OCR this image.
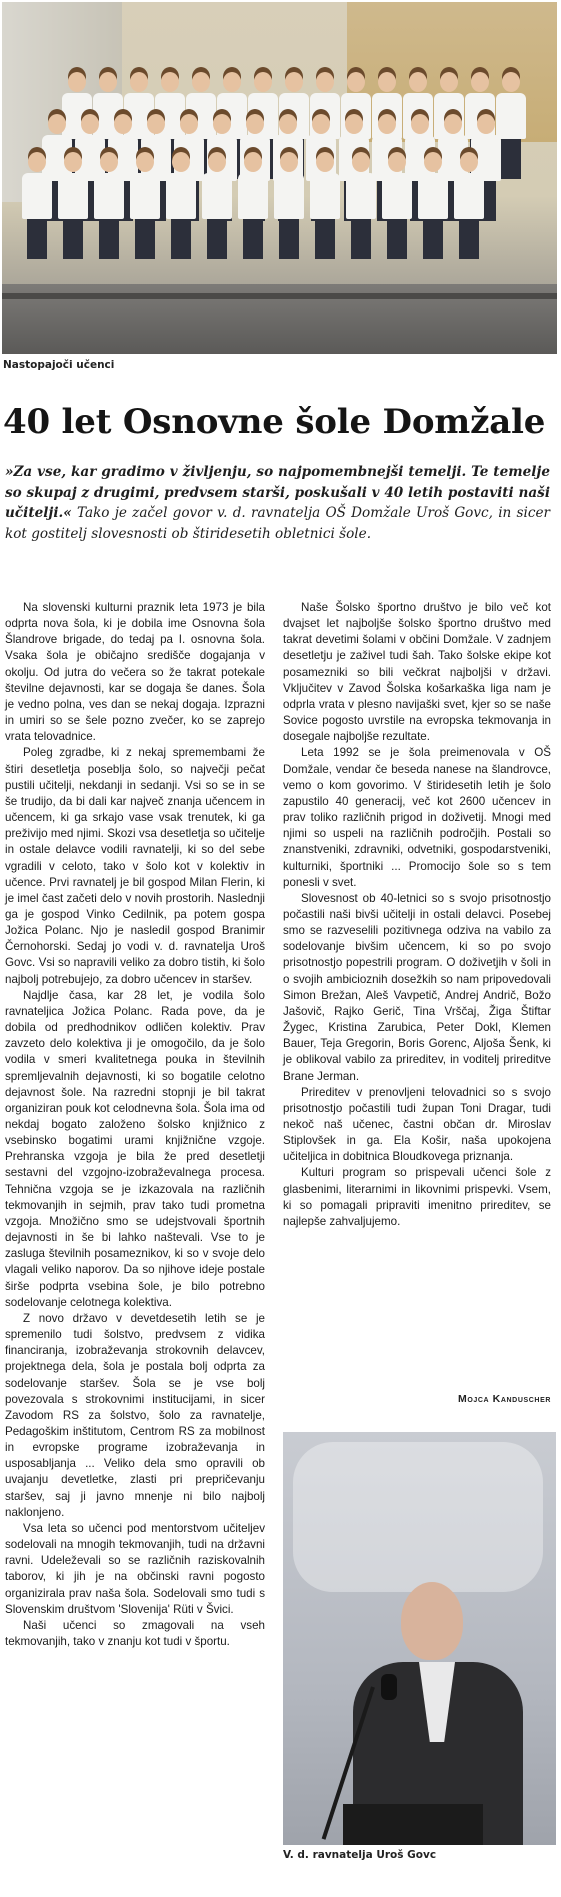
Nastopajoči učenci
40 let Osnovne šole Domžale

»Za vse, kar gradimo v življenju, so najpomembnejši temelji. Te temelje so skupaj z drugimi, predvsem starši, poskušali v 40 letih postaviti naši učitelji.« Tako je začel govor v. d. ravnatelja OŠ Domžale Uroš Govc, in sicer kot gostitelj slovesnosti ob štiridesetih obletnici šole.

Na slovenski kulturni praznik leta 1973 je bila odprta nova šola, ki je dobila ime Osnovna šola Šlandrove brigade, do tedaj pa I. osnovna šola. Vsaka šola je običajno središče dogajanja v okolju. Od jutra do večera so že takrat potekale številne dejavnosti, kar se dogaja še danes. Šola je vedno polna, ves dan se nekaj dogaja. Izprazni in umiri so se šele pozno zvečer, ko se zaprejo vrata telovadnice.

Poleg zgradbe, ki z nekaj spremembami že štiri desetletja poseblja šolo, so največji pečat pustili učitelji, nekdanji in sedanji. Vsi so se in se še trudijo, da bi dali kar največ znanja učencem in učencem, ki ga srkajo vase vsak trenutek, ki ga preživijo med njimi. Skozi vsa desetletja so učitelje in ostale delavce vodili ravnatelji, ki so del sebe vgradili v celoto, tako v šolo kot v kolektiv in učence. Prvi ravnatelj je bil gospod Milan Flerin, ki je imel čast začeti delo v novih prostorih. Naslednji ga je gospod Vinko Cedilnik, pa potem gospa Jožica Polanc. Njo je nasledil gospod Branimir Černohorski. Sedaj jo vodi v. d. ravnatelja Uroš Govc. Vsi so napravili veliko za dobro tistih, ki šolo najbolj potrebujejo, za dobro učencev in staršev.

Najdlje časa, kar 28 let, je vodila šolo ravnateljica Jožica Polanc. Rada pove, da je dobila od predhodnikov odličen kolektiv. Prav zavzeto delo kolektiva ji je omogočilo, da je šolo vodila v smeri kvalitetnega pouka in številnih spremljevalnih dejavnosti, ki so bogatile celotno dejavnost šole. Na razredni stopnji je bil takrat organiziran pouk kot celodnevna šola. Šola ima od nekdaj bogato založeno šolsko knjižnico z vsebinsko bogatimi urami knjižnične vzgoje. Prehranska vzgoja je bila že pred desetletji sestavni del vzgojno-izobraževalnega procesa. Tehnična vzgoja se je izkazovala na različnih tekmovanjih in sejmih, prav tako tudi prometna vzgoja. Množično smo se udejstvovali športnih dejavnosti in še bi lahko naštevali. Vse to je zasluga številnih posameznikov, ki so v svoje delo vlagali veliko naporov. Da so njihove ideje postale širše podprta vsebina šole, je bilo potrebno sodelovanje celotnega kolektiva.

Z novo državo v devetdesetih letih se je spremenilo tudi šolstvo, predvsem z vidika financiranja, izobraževanja strokovnih delavcev, projektnega dela, šola je postala bolj odprta za sodelovanje staršev. Šola se je vse bolj povezovala s strokovnimi institucijami, in sicer Zavodom RS za šolstvo, šolo za ravnatelje, Pedagoškim inštitutom, Centrom RS za mobilnost in evropske programe izobraževanja in usposabljanja ... Veliko dela smo opravili ob uvajanju devetletke, zlasti pri prepričevanju staršev, saj ji javno mnenje ni bilo najbolj naklonjeno.

Vsa leta so učenci pod mentorstvom učiteljev sodelovali na mnogih tekmovanjih, tudi na državni ravni. Udeleževali so se različnih raziskovalnih taborov, ki jih je na občinski ravni pogosto organizirala prav naša šola. Sodelovali smo tudi s Slovenskim društvom 'Slovenija' Rüti v Švici.

Naši učenci so zmagovali na vseh tekmovanjih, tako v znanju kot tudi v športu.

Naše Šolsko športno društvo je bilo več kot dvajset let najboljše šolsko športno društvo med takrat devetimi šolami v občini Domžale. V zadnjem desetletju je zaživel tudi šah. Tako šolske ekipe kot posamezniki so bili večkrat najboljši v državi. Vključitev v Zavod Šolska košarkaška liga nam je odprla vrata v plesno navijaški svet, kjer so se naše Sovice pogosto uvrstile na evropska tekmovanja in dosegale najboljše rezultate.

Leta 1992 se je šola preimenovala v OŠ Domžale, vendar če beseda nanese na šlandrovce, vemo o kom govorimo. V štiridesetih letih je šolo zapustilo 40 generacij, več kot 2600 učencev in prav toliko različnih prigod in doživetij. Mnogi med njimi so uspeli na različnih področjih. Postali so znanstveniki, zdravniki, odvetniki, gospodarstveniki, kulturniki, športniki ... Promocijo šole so s tem ponesli v svet.

Slovesnost ob 40-letnici so s svojo prisotnostjo počastili naši bivši učitelji in ostali delavci. Posebej smo se razveselili pozitivnega odziva na vabilo za sodelovanje bivšim učencem, ki so po svojo prisotnostjo popestrili program. O doživetjih v šoli in o svojih ambicioznih dosežkih so nam pripovedovali Simon Brežan, Aleš Vavpetič, Andrej Andrič, Božo Jašovič, Rajko Gerič, Tina Vrščaj, Žiga Štiftar Žygec, Kristina Zarubica, Peter Dokl, Klemen Bauer, Teja Gregorin, Boris Gorenc, Aljoša Šenk, ki je oblikoval vabilo za prireditev, in voditelj prireditve Brane Jerman.

Prireditev v prenovljeni telovadnici so s svojo prisotnostjo počastili tudi župan Toni Dragar, tudi nekoč naš učenec, častni občan dr. Miroslav Stiplovšek in ga. Ela Košir, naša upokojena učiteljica in dobitnica Bloudkovega priznanja.

Kulturi program so prispevali učenci šole z glasbenimi, literarnimi in likovnimi prispevki. Vsem, ki so pomagali pripraviti imenitno prireditev, se najlepše zahvaljujemo.

Mojca Kanduscher
V. d. ravnatelja Uroš Govc
